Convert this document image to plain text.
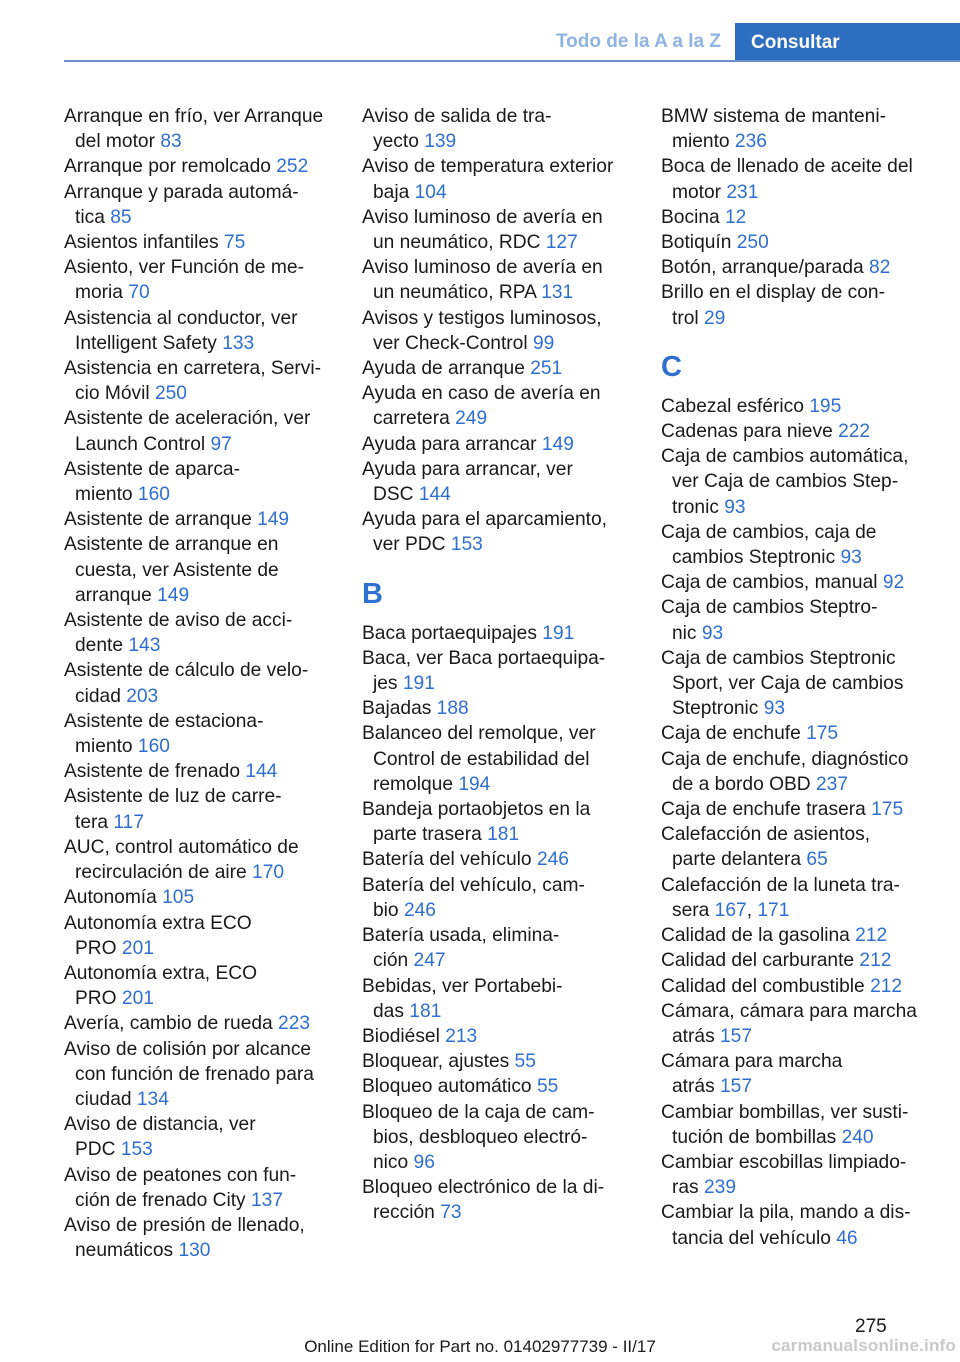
Todo de la A a la Z	Consultar
Arranque en frío, ver Arranque
del motor 83
Arranque por remolcado 252
Arranque y parada automá-
tica 85
Asientos infantiles 75
Asiento, ver Función de me-
moria 70
Asistencia al conductor, ver
Intelligent Safety 133
Asistencia en carretera, Servi-
cio Móvil 250
Asistente de aceleración, ver
Launch Control 97
Asistente de aparca-
miento 160
Asistente de arranque 149
Asistente de arranque en
cuesta, ver Asistente de
arranque 149
Asistente de aviso de acci-
dente 143
Asistente de cálculo de velo-
cidad 203
Asistente de estaciona-
miento 160
Asistente de frenado 144
Asistente de luz de carre-
tera 117
AUC, control automático de
recirculación de aire 170
Autonomía 105
Autonomía extra ECO
PRO 201
Autonomía extra, ECO
PRO 201
Avería, cambio de rueda 223
Aviso de colisión por alcance
con función de frenado para
ciudad 134
Aviso de distancia, ver
PDC 153
Aviso de peatones con fun-
ción de frenado City 137
Aviso de presión de llenado,
neumáticos 130
Aviso de salida de tra-
yecto 139
Aviso de temperatura exterior
baja 104
Aviso luminoso de avería en
un neumático, RDC 127
Aviso luminoso de avería en
un neumático, RPA 131
Avisos y testigos luminosos,
ver Check-Control 99
Ayuda de arranque 251
Ayuda en caso de avería en
carretera 249
Ayuda para arrancar 149
Ayuda para arrancar, ver
DSC 144
Ayuda para el aparcamiento,
ver PDC 153
B
Baca portaequipajes 191
Baca, ver Baca portaequipa-
jes 191
Bajadas 188
Balanceo del remolque, ver
Control de estabilidad del
remolque 194
Bandeja portaobjetos en la
parte trasera 181
Batería del vehículo 246
Batería del vehículo, cam-
bio 246
Batería usada, elimina-
ción 247
Bebidas, ver Portabebi-
das 181
Biodiésel 213
Bloquear, ajustes 55
Bloqueo automático 55
Bloqueo de la caja de cam-
bios, desbloqueo electró-
nico 96
Bloqueo electrónico de la di-
rección 73
BMW sistema de manteni-
miento 236
Boca de llenado de aceite del
motor 231
Bocina 12
Botiquín 250
Botón, arranque/parada 82
Brillo en el display de con-
trol 29
C
Cabezal esférico 195
Cadenas para nieve 222
Caja de cambios automática,
ver Caja de cambios Step-
tronic 93
Caja de cambios, caja de
cambios Steptronic 93
Caja de cambios, manual 92
Caja de cambios Steptro-
nic 93
Caja de cambios Steptronic
Sport, ver Caja de cambios
Steptronic 93
Caja de enchufe 175
Caja de enchufe, diagnóstico
de a bordo OBD 237
Caja de enchufe trasera 175
Calefacción de asientos,
parte delantera 65
Calefacción de la luneta tra-
sera 167, 171
Calidad de la gasolina 212
Calidad del carburante 212
Calidad del combustible 212
Cámara, cámara para marcha
atrás 157
Cámara para marcha
atrás 157
Cambiar bombillas, ver susti-
tución de bombillas 240
Cambiar escobillas limpiado-
ras 239
Cambiar la pila, mando a dis-
tancia del vehículo 46
275
Online Edition for Part no. 01402977739 - II/17	carmanualsonline.info
